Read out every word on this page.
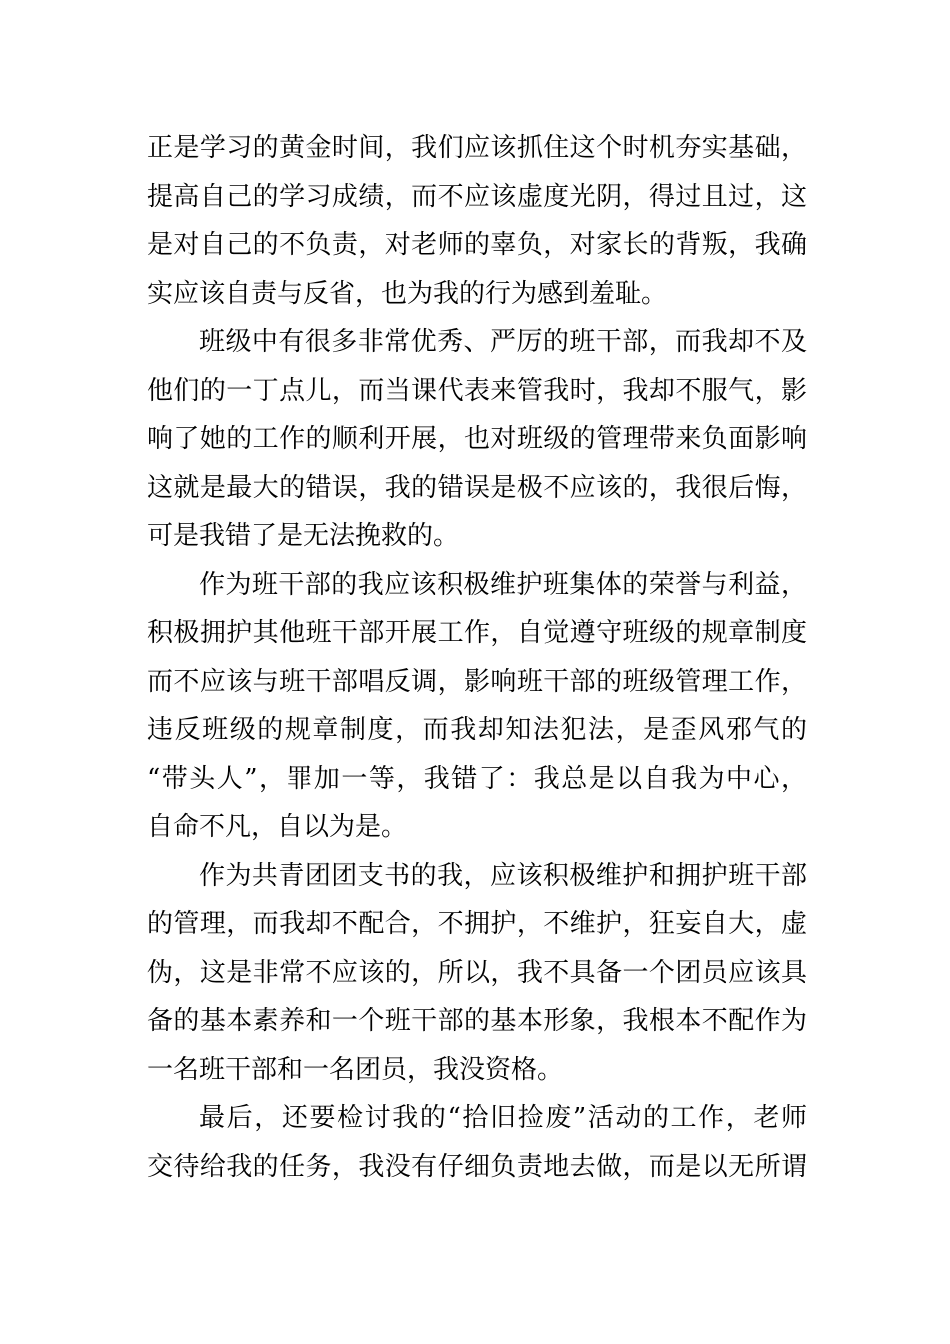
正是学习的黄金时间，我们应该抓住这个时机夯实基础，
提高自己的学习成绩，而不应该虚度光阴，得过且过，这
是对自己的不负责，对老师的辜负，对家长的背叛，我确
实应该自责与反省，也为我的行为感到羞耻。
班级中有很多非常优秀、严厉的班干部，而我却不及
他们的一丁点儿，而当课代表来管我时，我却不服气，影
响了她的工作的顺利开展，也对班级的管理带来负面影响
这就是最大的错误，我的错误是极不应该的，我很后悔，
可是我错了是无法挽救的。
作为班干部的我应该积极维护班集体的荣誉与利益，
积极拥护其他班干部开展工作，自觉遵守班级的规章制度
而不应该与班干部唱反调，影响班干部的班级管理工作，
违反班级的规章制度，而我却知法犯法，是歪风邪气的
“带头人”，罪加一等，我错了：我总是以自我为中心，
自命不凡，自以为是。
作为共青团团支书的我，应该积极维护和拥护班干部
的管理，而我却不配合，不拥护，不维护，狂妄自大，虚
伪，这是非常不应该的，所以，我不具备一个团员应该具
备的基本素养和一个班干部的基本形象，我根本不配作为
一名班干部和一名团员，我没资格。
最后，还要检讨我的“拾旧捡废”活动的工作，老师
交待给我的任务，我没有仔细负责地去做，而是以无所谓
